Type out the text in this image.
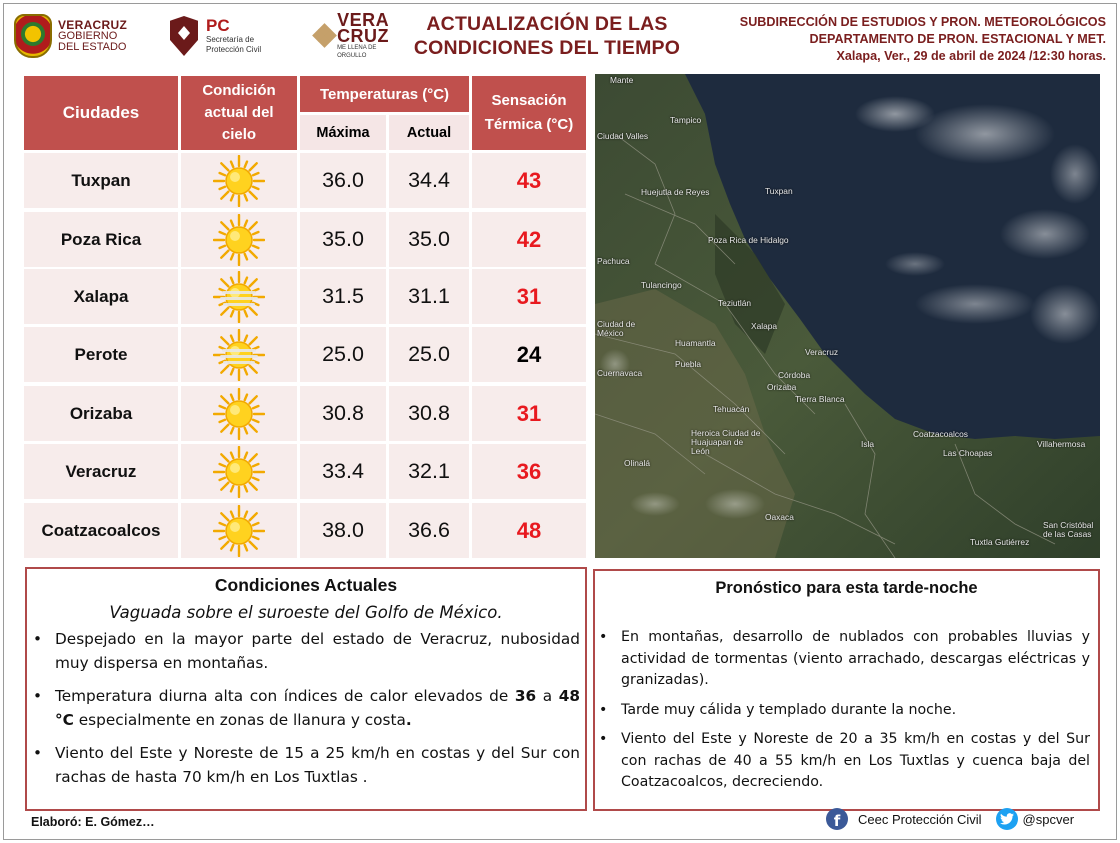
VERACRUZ
GOBIERNO
DEL ESTADO
PC
Secretaría de
Protección Civil
VERA
CRUZ
ME LLENA DE ORGULLO
ACTUALIZACIÓN DE LAS
CONDICIONES DEL TIEMPO
SUBDIRECCIÓN DE ESTUDIOS Y PRON. METEOROLÓGICOS
DEPARTAMENTO DE PRON. ESTACIONAL Y MET.
Xalapa, Ver., 29 de abril de 2024 /12:30 horas.
Ciudades
Condición
actual del
cielo
Temperaturas (°C)
Máxima	Actual
Sensación
Térmica (°C)
Tuxpan	36.0	34.4	43
Poza Rica	35.0	35.0	42
Xalapa	31.5	31.1	31
Perote	25.0	25.0	24
Orizaba	30.8	30.8	31
Veracruz	33.4	32.1	36
Coatzacoalcos	38.0	36.6	48
Mante
Tampico
Ciudad Valles
Huejutla de Reyes	Tuxpan
Poza Rica de Hidalgo
Pachuca
Tulancingo
Teziutlán
Xalapa
Ciudad de México
Huamantla
Veracruz
Puebla
Córdoba
Orizaba
Cuernavaca
Tehuacán
Tierra Blanca
Heroica Ciudad de Huajuapan de León
Coatzacoalcos
Isla
Las Choapas
Villahermosa
Olinalá
Oaxaca
San Cristóbal de las Casas
Tuxtla Gutiérrez
Condiciones Actuales
Vaguada sobre el suroeste del Golfo de México.
• Despejado en la mayor parte del estado de Veracruz, nubosidad muy dispersa en montañas.
• Temperatura diurna alta con índices de calor elevados de 36 a 48 °C especialmente en zonas de llanura y costa.
• Viento del Este y Noreste de 15 a 25 km/h en costas y del Sur con rachas de hasta 70 km/h en Los Tuxtlas .
Pronóstico para esta tarde-noche
• En montañas, desarrollo de nublados con probables lluvias y actividad de tormentas (viento arrachado, descargas eléctricas y granizadas).
• Tarde muy cálida y templado durante la noche.
• Viento del Este y Noreste de 20 a 35 km/h en costas y del Sur con rachas de 40 a 55 km/h en Los Tuxtlas y cuenca baja del Coatzacoalcos, decreciendo.
Elaboró: E. Gómez…	f	Ceec Protección Civil	@spcver
